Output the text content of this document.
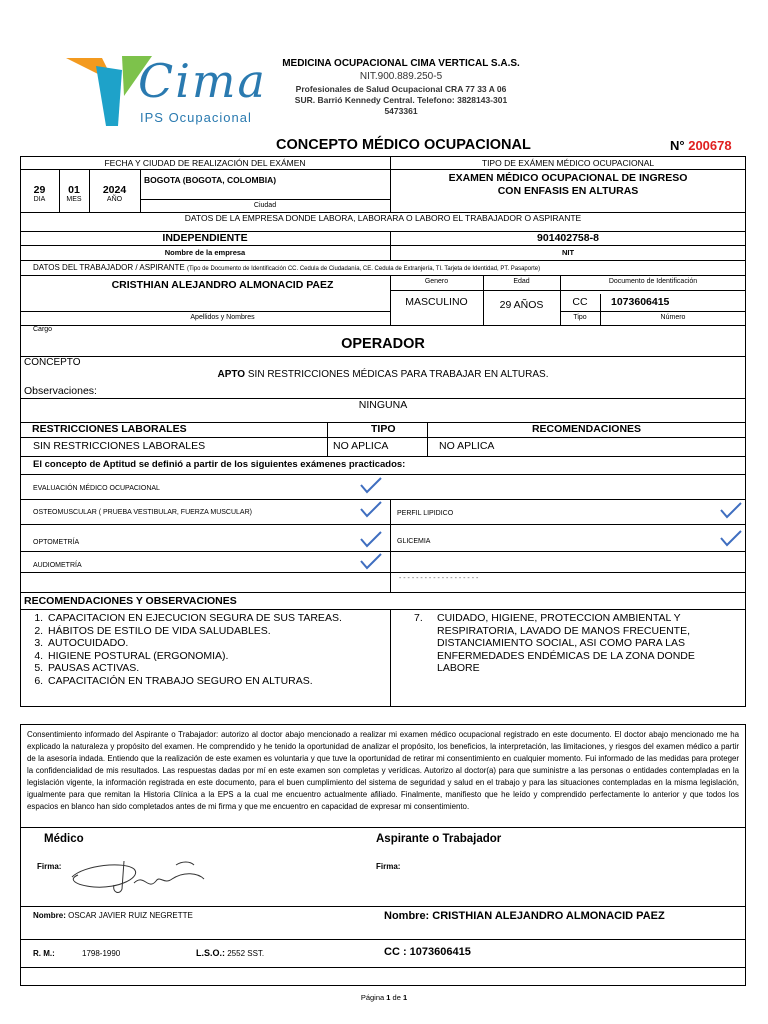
Cima
IPS Ocupacional
MEDICINA OCUPACIONAL CIMA VERTICAL S.A.S.
NIT.900.889.250-5
Profesionales de Salud Ocupacional CRA 77 33 A 06
SUR. Barrió Kennedy Central. Telefono: 3828143-301
5473361
CONCEPTO MÉDICO OCUPACIONAL	N° 200678
FECHA Y CIUDAD DE REALIZACIÓN DEL EXÁMEN	TIPO DE EXÁMEN MÉDICO OCUPACIONAL
29
DIA
01
MES
2024
AÑO
BOGOTA (BOGOTA, COLOMBIA)
Ciudad
EXAMEN MÉDICO OCUPACIONAL DE INGRESO
CON ENFASIS EN ALTURAS
DATOS DE LA EMPRESA DONDE LABORA, LABORARA O LABORO EL TRABAJADOR O ASPIRANTE
INDEPENDIENTE	901402758-8
Nombre de la empresa	NIT
DATOS DEL TRABAJADOR / ASPIRANTE (Tipo de Documento de Identificación CC. Cedula de Ciudadanía, CE. Cedula de Extranjería, TI. Tarjeta de Identidad, PT. Pasaporte)
Genero	Edad	Documento de Identificación
CRISTHIAN ALEJANDRO ALMONACID PAEZ
MASCULINO	29 AÑOS	CC	1073606415
Apellidos y Nombres	Tipo	Número
Cargo
OPERADOR
CONCEPTO
APTO SIN RESTRICCIONES MÉDICAS PARA TRABAJAR EN ALTURAS.
Observaciones:
NINGUNA
RESTRICCIONES LABORALES	TIPO	RECOMENDACIONES
SIN RESTRICCIONES LABORALES	NO APLICA	NO APLICA
El concepto de Aptitud se definió a partir de los siguientes exámenes practicados:
EVALUACIÓN MÉDICO OCUPACIONAL
OSTEOMUSCULAR ( PRUEBA VESTIBULAR, FUERZA MUSCULAR)	PERFIL LIPIDICO
OPTOMETRÍA	GLICEMIA
AUDIOMETRÍA
- - - - - - - - - - - - - - - - - - -
RECOMENDACIONES Y OBSERVACIONES
1. CAPACITACION EN EJECUCION SEGURA DE SUS TAREAS.
2. HÁBITOS DE ESTILO DE VIDA SALUDABLES.
3. AUTOCUIDADO.
4. HIGIENE POSTURAL (ERGONOMIA).
5. PAUSAS ACTIVAS.
6. CAPACITACIÓN EN TRABAJO SEGURO EN ALTURAS.
7. CUIDADO, HIGIENE, PROTECCION AMBIENTAL Y RESPIRATORIA, LAVADO DE MANOS FRECUENTE, DISTANCIAMIENTO SOCIAL, ASI COMO PARA LAS ENFERMEDADES ENDÉMICAS DE LA ZONA DONDE LABORE
Consentimiento informado del Aspirante o Trabajador: autorizo al doctor abajo mencionado a realizar mi examen médico ocupacional registrado en este documento. El doctor abajo mencionado me ha explicado la naturaleza y propósito del examen. He comprendido y he tenido la oportunidad de analizar el propósito, los beneficios, la interpretación, las limitaciones, y riesgos del examen médico a partir de la asesoría indada. Entiendo que la realización de este examen es voluntaria y que tuve la oportunidad de retirar mi consentimiento en cualquier momento. Fui informado de las medidas para proteger la confidencialidad de mis resultados. Las respuestas dadas por mí en este examen son completas y verídicas. Autorizo al doctor(a) para que suministre a las personas o entidades contempladas en la legislación vigente, la información registrada en este documento, para el buen cumplimiento del sistema de seguridad y salud en el trabajo y para las situaciones contempladas en la misma legislación, igualmente para que remitan la Historia Clínica a la EPS a la cual me encuentro actualmente afiliado. Finalmente, manifiesto que he leído y comprendido perfectamente lo anterior y que todos los espacios en blanco han sido completados antes de mi firma y que me encuentro en capacidad de expresar mi consentimiento.
Médico	Aspirante o Trabajador
Firma:	Firma:
Nombre: OSCAR JAVIER RUIZ NEGRETTE	Nombre: CRISTHIAN ALEJANDRO ALMONACID PAEZ
R. M.:	1798-1990	L.S.O.: 2552 SST.	CC : 1073606415
Página 1 de 1
